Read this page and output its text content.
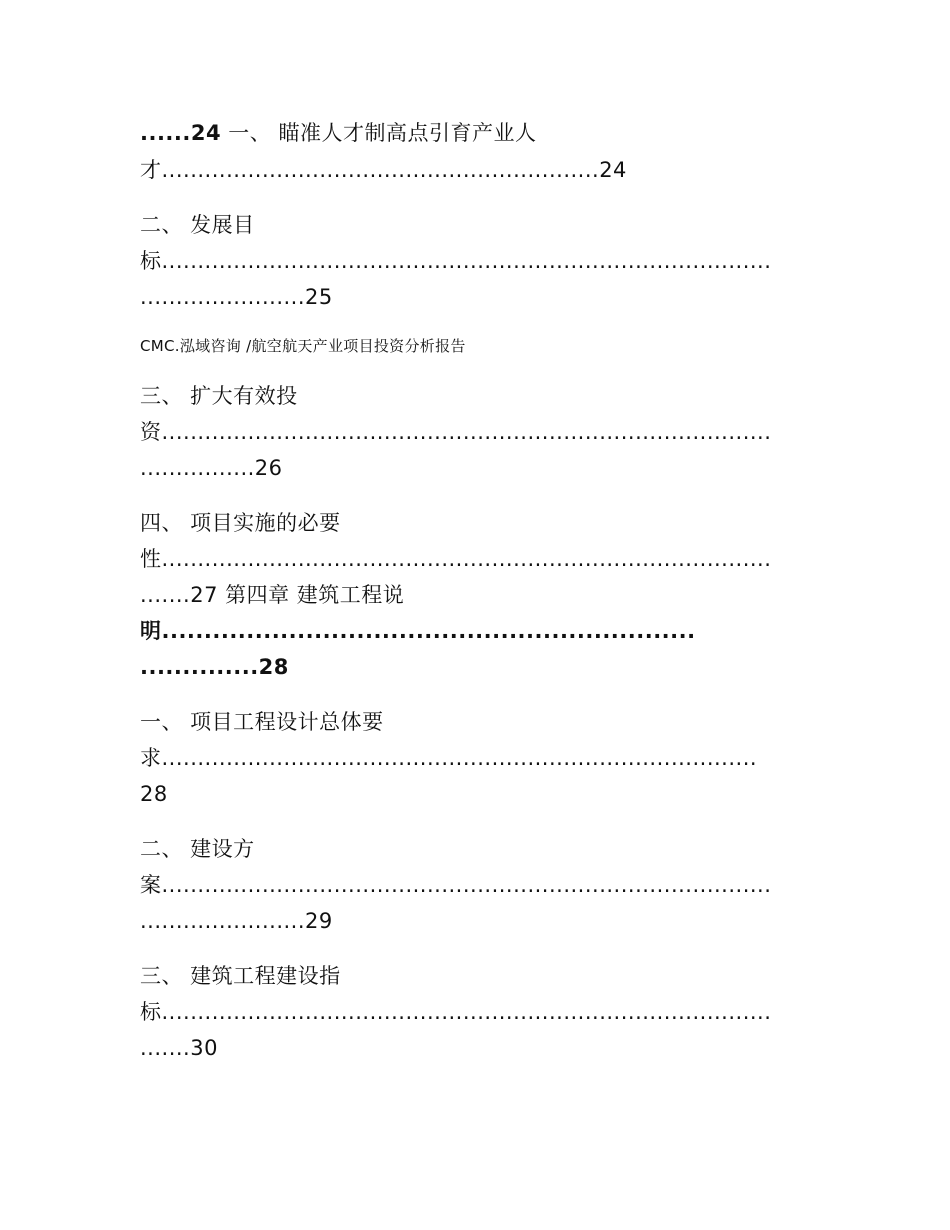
......24 一、 瞄准人才制高点引育产业人
才.............................................................24
二、 发展目
标.....................................................................................
.......................25
CMC.泓域咨询 /航空航天产业项目投资分析报告
三、 扩大有效投
资.....................................................................................
................26
四、 项目实施的必要
性.....................................................................................
.......27 第四章 建筑工程说
明...............................................................
..............28
一、 项目工程设计总体要
求...................................................................................
28
二、 建设方
案.....................................................................................
.......................29
三、 建筑工程建设指
标.....................................................................................
.......30
